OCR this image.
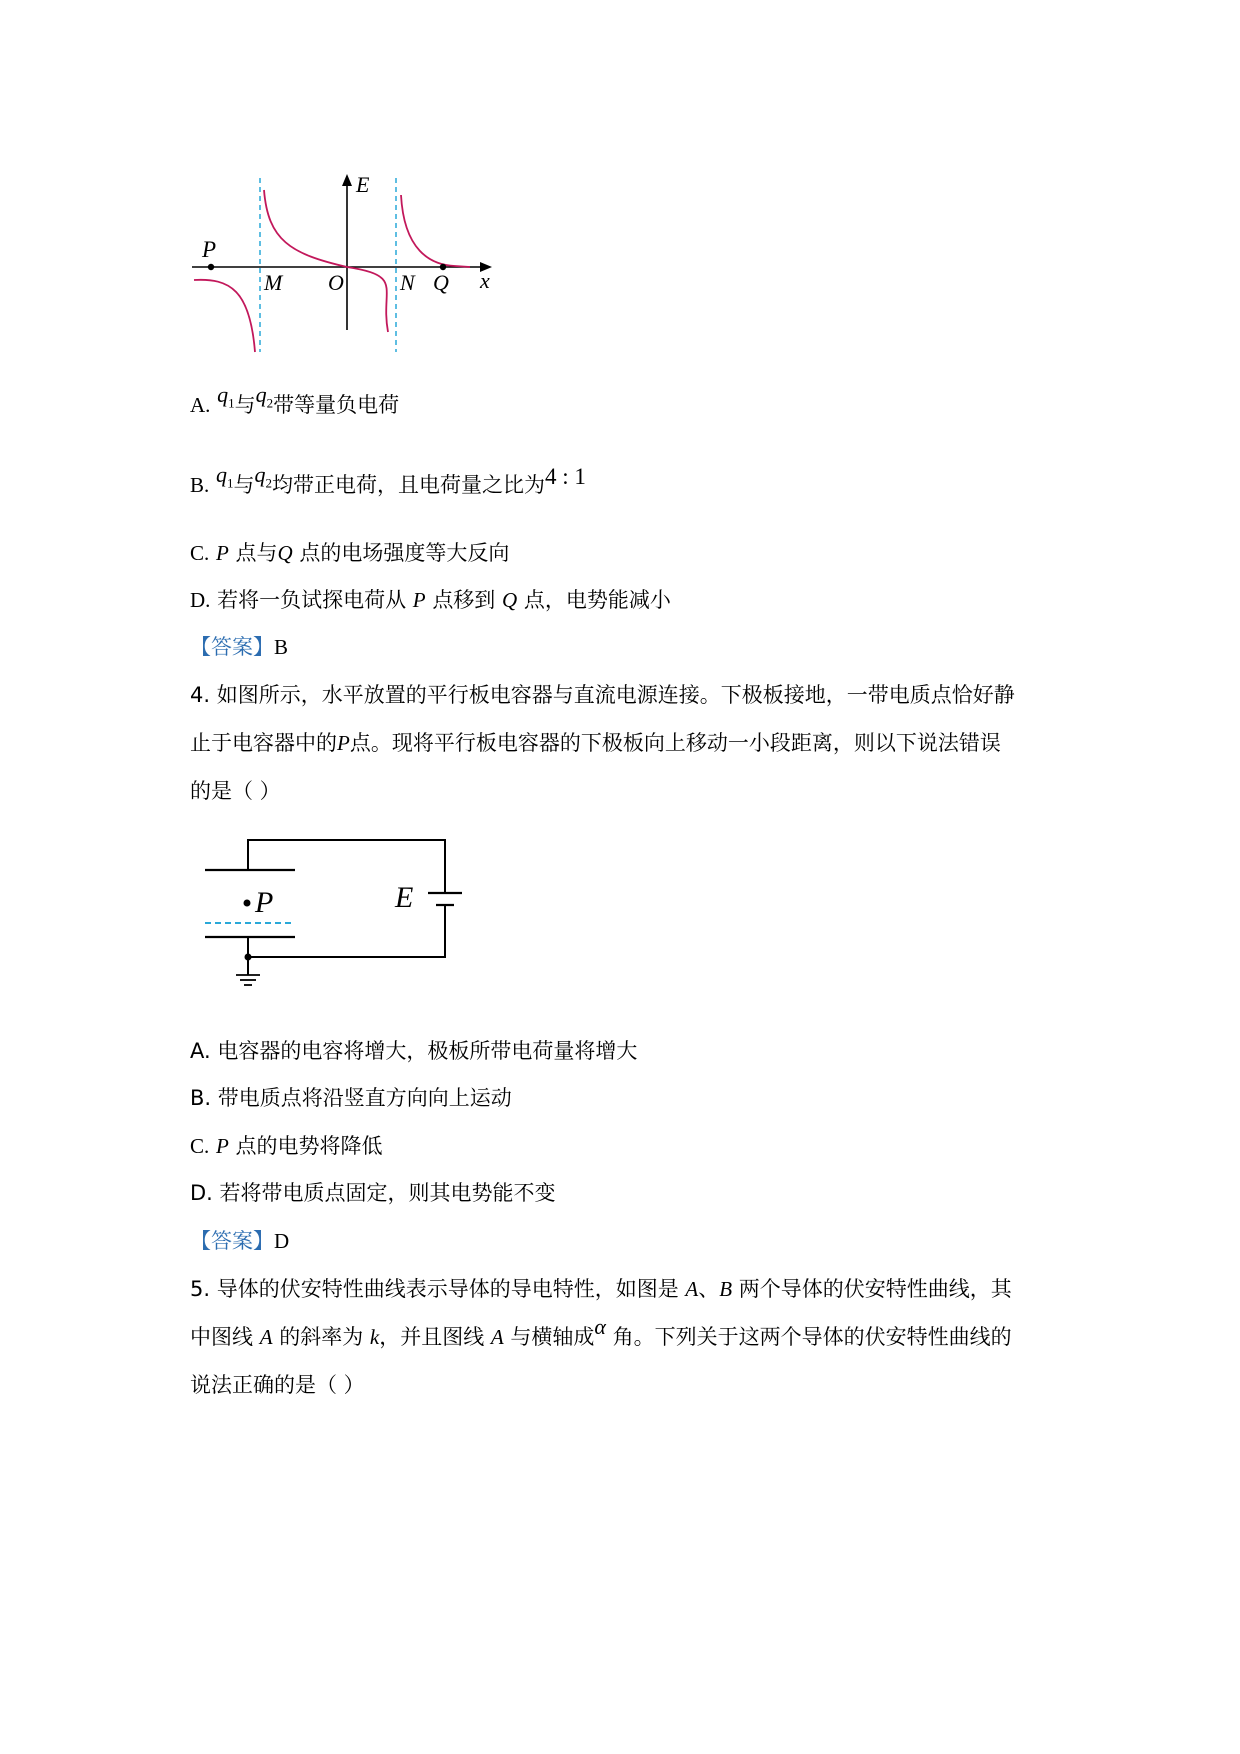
E
P
M O	N Q x
A. $q_1$与$q_2$带等量负电荷
B. $q_1$与$q_2$均带正电荷，且电荷量之比为4 : 1
C. P 点与Q 点的电场强度等大反向
D. 若将一负试探电荷从 P 点移到 Q 点，电势能减小
【答案】B
4. 如图所示，水平放置的平行板电容器与直流电源连接。下极板接地，一带电质点恰好静
止于电容器中的P点。现将平行板电容器的下极板向上移动一小段距离，则以下说法错误
的是（ ）
P	E
A. 电容器的电容将增大，极板所带电荷量将增大
B. 带电质点将沿竖直方向向上运动
C. P 点的电势将降低
D. 若将带电质点固定，则其电势能不变
【答案】D
5. 导体的伏安特性曲线表示导体的导电特性，如图是 A、B 两个导体的伏安特性曲线，其
中图线 A 的斜率为 k，并且图线 A 与横轴成α 角。下列关于这两个导体的伏安特性曲线的
说法正确的是（ ）
